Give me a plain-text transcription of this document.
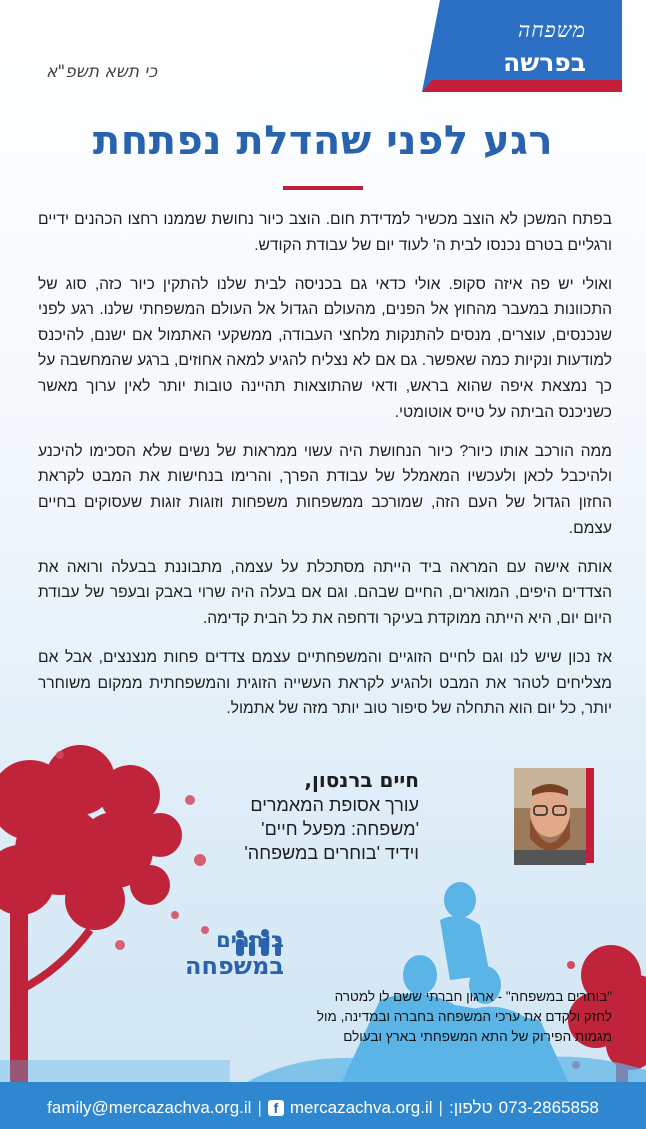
משפחה
בפרשה
כי תשא תשפ"א
רגע לפני שהדלת נפתחת

בפתח המשכן לא הוצב מכשיר למדידת חום. הוצב כיור נחושת שממנו רחצו הכהנים ידיים ורגליים בטרם נכנסו לבית ה' לעוד יום של עבודת הקודש.

ואולי יש פה איזה סקופ. אולי כדאי גם בכניסה לבית שלנו להתקין כיור כזה, סוג של התכוונות במעבר מהחוץ אל הפנים, מהעולם הגדול אל העולם המשפחתי שלנו. רגע לפני שנכנסים, עוצרים, מנסים להתנקות מלחצי העבודה, ממשקעי האתמול אם ישנם, להיכנס למודעות ונקיות כמה שאפשר. גם אם לא נצליח להגיע למאה אחוזים, ברגע שהמחשבה על כך נמצאת איפה שהוא בראש, ודאי שהתוצאות תהיינה טובות יותר לאין ערוך מאשר כשניכנס הביתה על טייס אוטומטי.

ממה הורכב אותו כיור? כיור הנחושת היה עשוי ממראות של נשים שלא הסכימו להיכנע ולהיכבל לכאן ולעכשיו המאמלל של עבודת הפרך, והרימו בנחישות את המבט לקראת החזון הגדול של העם הזה, שמורכב ממשפחות משפחות וזוגות זוגות שעסוקים בחיים עצמם.

אותה אישה עם המראה ביד הייתה מסתכלת על עצמה, מתבוננת בבעלה ורואה את הצדדים היפים, המוארים, החיים שבהם. וגם אם בעלה היה שרוי באבק ובעפר של עבודת היום יום, היא הייתה ממוקדת בעיקר ודחפה את כל הבית קדימה.

אז נכון שיש לנו וגם לחיים הזוגיים והמשפחתיים עצמם צדדים פחות מנצנצים, אבל אם מצליחים לטהר את המבט ולהגיע לקראת העשייה הזוגית והמשפחתית ממקום משוחרר יותר, כל יום הוא התחלה של סיפור טוב יותר מזה של אתמול.

חיים ברנסון,
עורך אסופת המאמרים
'משפחה: מפעל חיים'
וידיד 'בוחרים במשפחה'
בוחרים
במשפחה
"בוחרים במשפחה" - ארגון חברתי ששם לו למטרה לחזק ולקדם את ערכי המשפחה בחברה ובמדינה, מול מגמות הפירוק של התא המשפחתי בארץ ובעולם
family@mercazachva.org.il | f mercazachva.org.il | :טלפון 073-2865858
